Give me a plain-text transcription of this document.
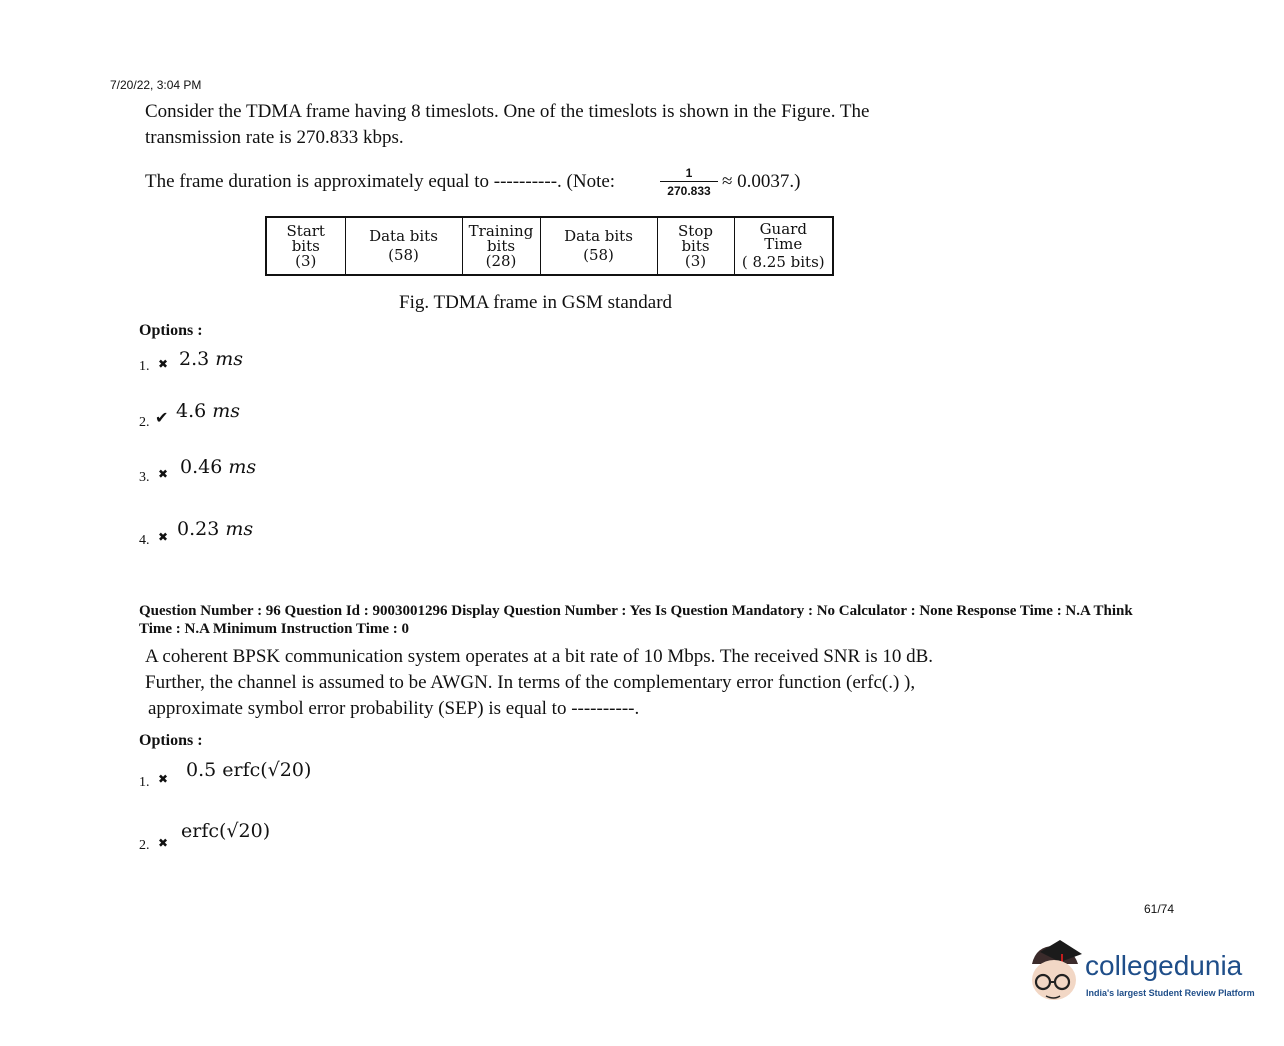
7/20/22, 3:04 PM
Consider the TDMA frame having 8 timeslots. One of the timeslots is shown in the Figure. The
transmission rate is 270.833 kbps.
The frame duration is approximately equal to ----------. (Note:	$\frac{1}{270.833} \approx 0.0037$.)
Start
bits
(3)

Data bits
(58)

Training
bits
(28)

Data bits
(58)

Stop
bits
(3)

Guard
Time
( 8.25 bits)
Fig. TDMA frame in GSM standard
Options :
1. ✖ 2.3 ms
2. ✔ 4.6 ms
3. ✖ 0.46 ms
4. ✖ 0.23 ms
Question Number : 96 Question Id : 9003001296 Display Question Number : Yes Is Question Mandatory : No Calculator : None Response Time : N.A Think Time : N.A Minimum Instruction Time : 0
A coherent BPSK communication system operates at a bit rate of 10 Mbps. The received SNR is 10 dB.
Further, the channel is assumed to be AWGN. In terms of the complementary error function (erfc(.) ),
approximate symbol error probability (SEP) is equal to ----------.
Options :
1. ✖ 0.5 erfc(√20)
2. ✖
erfc(√20)
61/74
collegedunia
India's largest Student Review Platform
